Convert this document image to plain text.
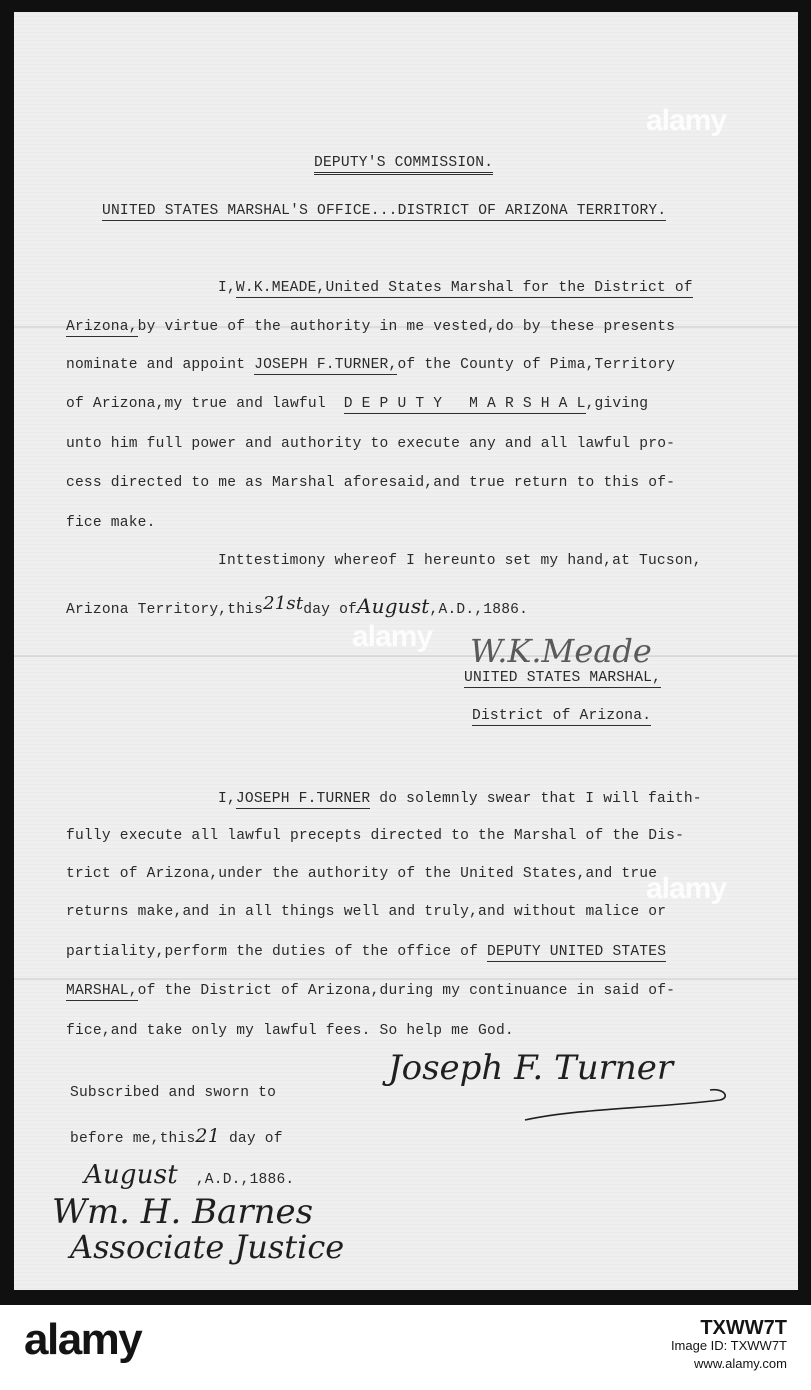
DEPUTY'S COMMISSION.
UNITED STATES MARSHAL'S OFFICE...DISTRICT OF ARIZONA TERRITORY.
I,W.K.MEADE,United States Marshal for the District of
Arizona,by virtue of the authority in me vested,do by these presents
nominate and appoint JOSEPH F.TURNER,of the County of Pima,Territory
of Arizona,my true and lawful D E P U T Y   M A R S H A L,giving
unto him full power and authority to execute any and all lawful pro-
cess directed to me as Marshal aforesaid,and true return to this of-
fice make.
Inttestimony whereof I hereunto set my hand,at Tucson,
Arizona Territory,this21stday ofAugust,A.D.,1886.
W.K.Meade
UNITED STATES MARSHAL,
District of Arizona.
I,JOSEPH F.TURNER do solemnly swear that I will faith-
fully execute all lawful precepts directed to the Marshal of the Dis-
trict of Arizona,under the authority of the United States,and true
returns make,and in all things well and truly,and without malice or
partiality,perform the duties of the office of DEPUTY UNITED STATES
MARSHAL,of the District of Arizona,during my continuance in said of-
fice,and take only my lawful fees. So help me God.
Joseph F. Turner
Subscribed and sworn to
before me,this21 day of
August ,A.D.,1886.
Wm. H. Barnes
Associate Justice
alamy
alamy
alamy
alamy	TXWW7T
Image ID: TXWW7T
www.alamy.com
